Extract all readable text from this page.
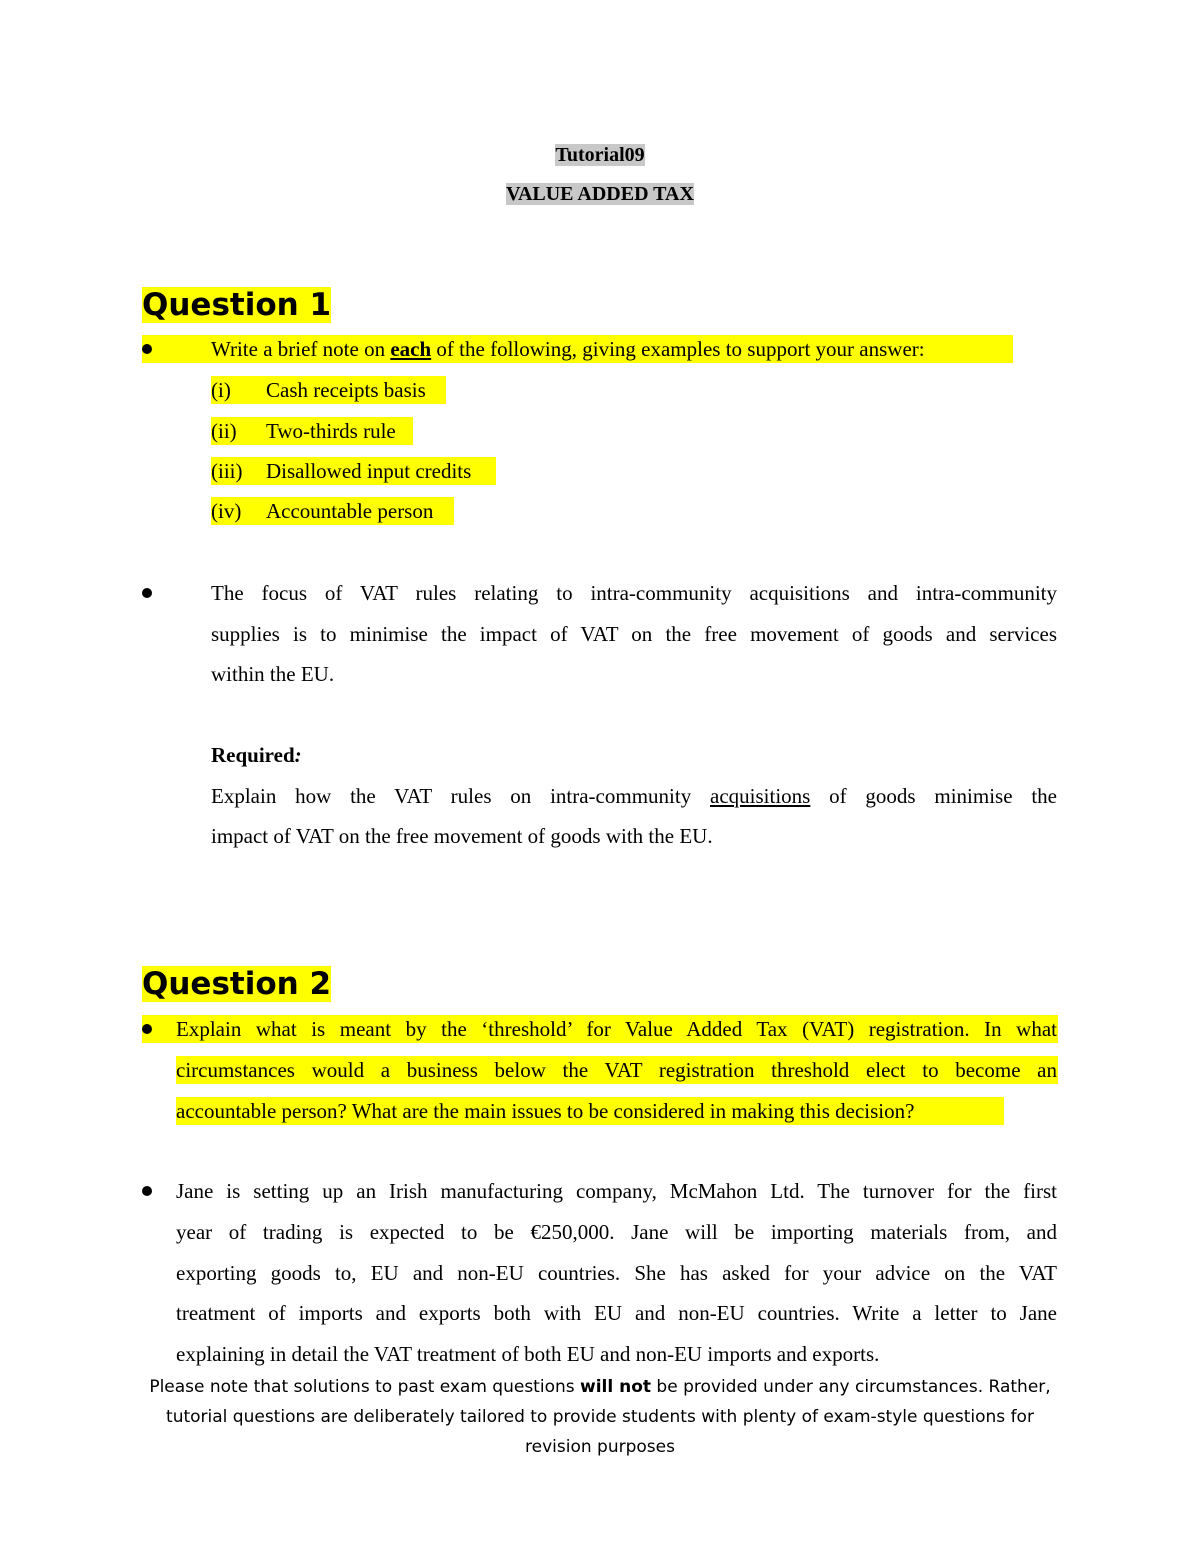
Tutorial09
VALUE ADDED TAX
Question 1
Write a brief note on each of the following, giving examples to support your answer:
(i) Cash receipts basis
(ii) Two-thirds rule
(iii) Disallowed input credits
(iv) Accountable person
The focus of VAT rules relating to intra-community acquisitions and intra-community
supplies is to minimise the impact of VAT on the free movement of goods and services
within the EU.
Required:
Explain how the VAT rules on intra-community acquisitions of goods minimise the
impact of VAT on the free movement of goods with the EU.
Question 2
Explain what is meant by the ‘threshold’ for Value Added Tax (VAT) registration. In what
circumstances would a business below the VAT registration threshold elect to become an
accountable person? What are the main issues to be considered in making this decision?
Jane is setting up an Irish manufacturing company, McMahon Ltd. The turnover for the first
year of trading is expected to be €250,000. Jane will be importing materials from, and
exporting goods to, EU and non-EU countries. She has asked for your advice on the VAT
treatment of imports and exports both with EU and non-EU countries. Write a letter to Jane
explaining in detail the VAT treatment of both EU and non-EU imports and exports.
Please note that solutions to past exam questions will not be provided under any circumstances. Rather,
tutorial questions are deliberately tailored to provide students with plenty of exam-style questions for
revision purposes
